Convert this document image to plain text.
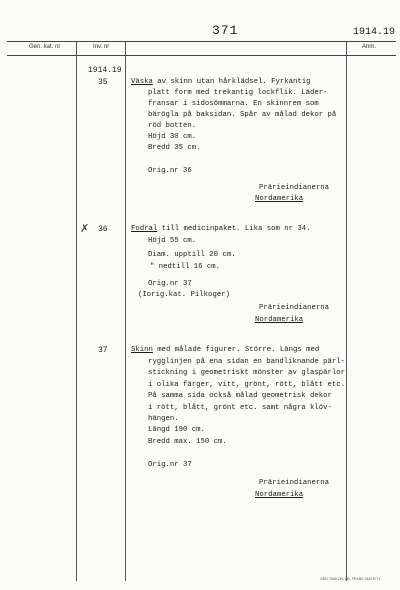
371	1914.19
Gen. kat. nr	Inv. nr	Anm.
1914.19
35	Väska av skinn utan hårklädsel. Fyrkantig
platt form med trekantig lockflik. Läder-
fransar i sidosömmarna. En skinnrem som
bärögla på baksidan. Spår av målad dekor på
röd botten.
Höjd 30 cm.
Bredd 35 cm.
Orig.nr 36
Prärieindianerna
Nordamerika
✗ 36	Fodral till medicinpaket. Lika som nr 34.
Höjd 55 cm.
Diam. upptill 20 cm.
" nedtill 16 cm.
Orig.nr 37
(Iorig.kat. Pilkoger)
Prärieindianerna
Nordamerika
37	Skinn med målade figurer. Större. Längs med
rygglinjen på ena sidan en bandliknande pärl-
stickning i geometriskt mönster av glaspärlor
i olika färger, vitt, grönt, rött, blått etc.
På samma sida också målad geometrisk dekor
i rött, blått, grönt etc. samt några klöv-
hängen.
Längd 190 cm.
Bredd max. 150 cm.
Orig.nr 37
Prärieindianerna
Nordamerika
GEN. DIAKON, HB, FRANK 2442 B 71
